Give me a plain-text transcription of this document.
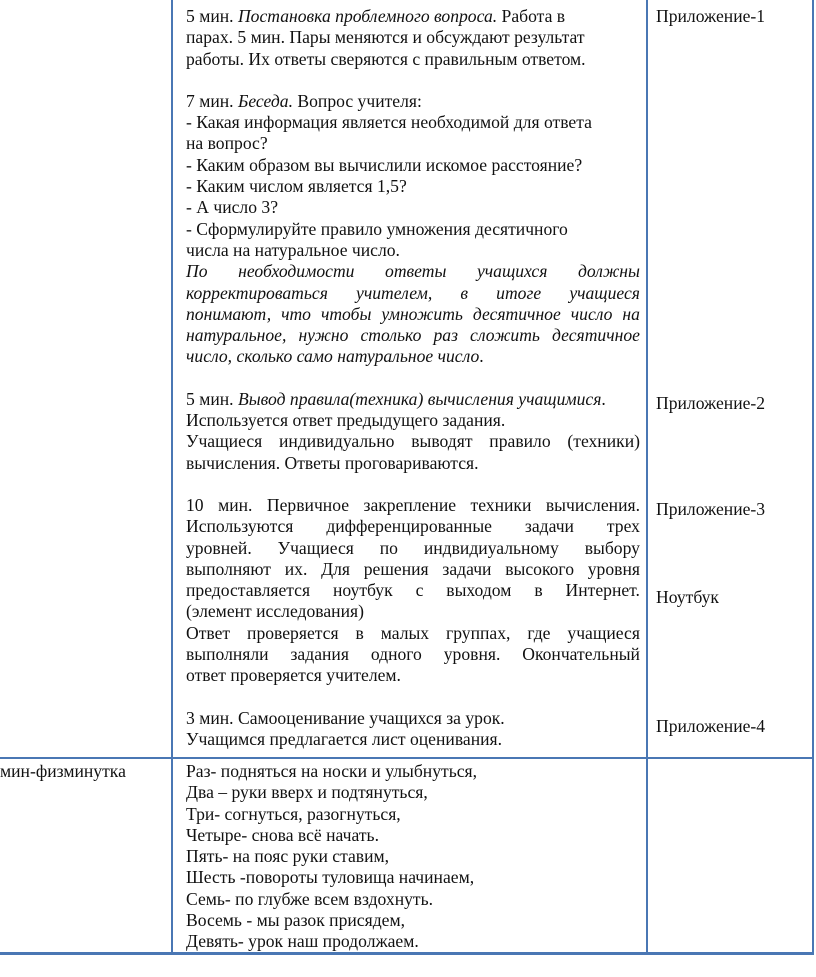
5 мин. Постановка проблемного вопроса. Работа в
парах. 5 мин. Пары меняются и обсуждают результат
работы. Их ответы сверяются с правильным ответом.
7 мин. Беседа. Вопрос учителя:
- Какая информация является необходимой для ответа
на вопрос?
- Каким образом вы вычислили искомое расстояние?
- Каким числом является 1,5?
- А число 3?
- Сформулируйте правило умножения десятичного
числа на натуральное число.
По необходимости ответы учащихся должны
корректироваться учителем, в итоге учащиеся
понимают, что чтобы умножить десятичное число на
натуральное, нужно столько раз сложить десятичное
число, сколько само натуральное число.
5 мин. Вывод правила(техника) вычисления учащимися.
Используется ответ предыдущего задания.
Учащиеся индивидуально выводят правило (техники)
вычисления. Ответы проговариваются.
10 мин. Первичное закрепление техники вычисления.
Используются дифференцированные задачи трех
уровней. Учащиеся по индвидиуальному выбору
выполняют их. Для решения задачи высокого уровня
предоставляется ноутбук с выходом в Интернет.
(элемент исследования)
Ответ проверяется в малых группах, где учащиеся
выполняли задания одного уровня. Окончательный
ответ проверяется учителем.
3 мин. Самооценивание учащихся за урок.
Учащимся предлагается лист оценивания.
Приложение-1
Приложение-2
Приложение-3
Ноутбук
Приложение-4
мин-физминутка	Раз- подняться на носки и улыбнуться,
Два – руки вверх и подтянуться,
Три- согнуться, разогнуться,
Четыре- снова всё начать.
Пять- на пояс руки ставим,
Шесть -повороты туловища начинаем,
Семь- по глубже всем вздохнуть.
Восемь - мы разок присядем,
Девять- урок наш продолжаем.
